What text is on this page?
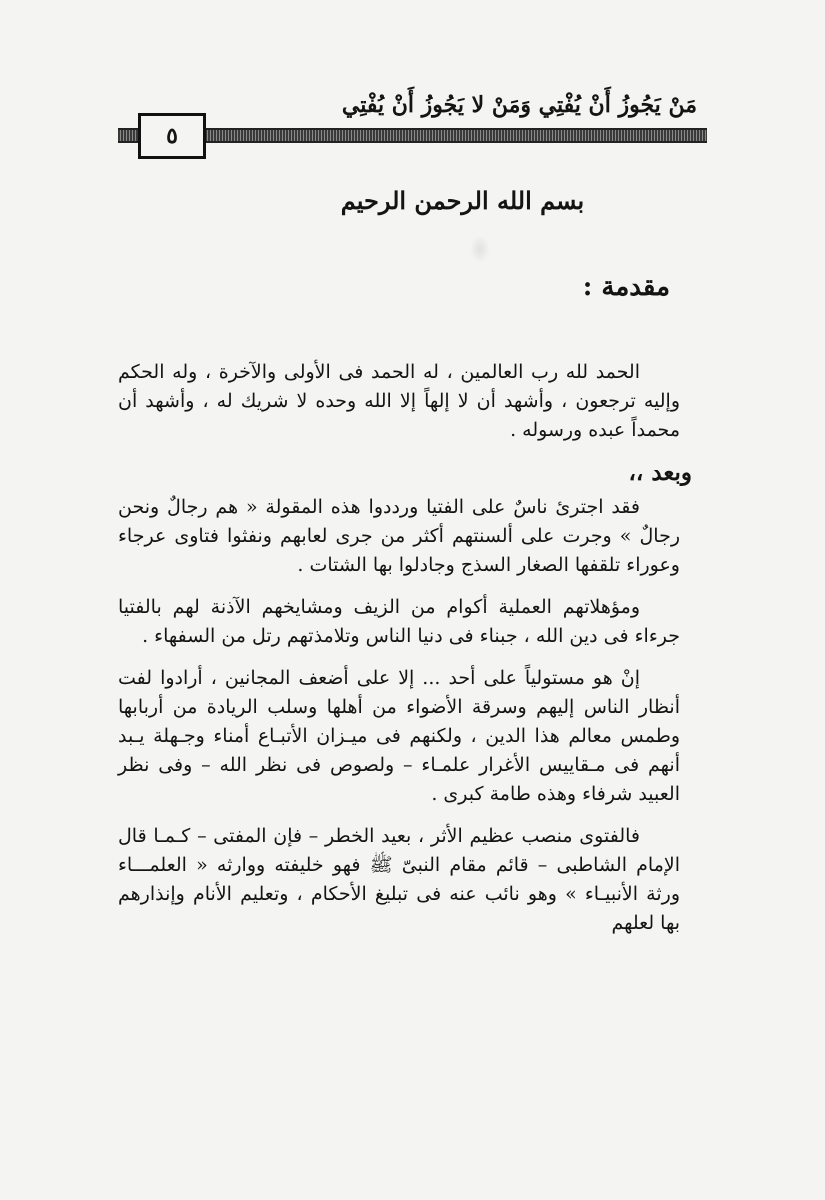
مَنْ يَجُوزُ أَنْ يُفْتِي وَمَنْ لا يَجُوزُ أَنْ يُفْتِي
٥
بسم الله الرحمن الرحيم
مقدمة :

الحمد لله رب العالمين ، له الحمد فى الأولى والآخرة ، وله الحكم وإليه ترجعون ، وأشهد أن لا إلهاً إلا الله وحده لا شريك له ، وأشهد أن محمداً عبده ورسوله .

وبعد ،،

فقد اجترئ ناسٌ على الفتيا ورددوا هذه المقولة « هم رجالٌ ونحن رجالٌ » وجرت على ألسنتهم أكثر من جرى لعابهم ونفثوا فتاوى عرجاء وعوراء تلقفها الصغار السذج وجادلوا بها الشتات .

ومؤهلاتهم العملية أكوام من الزيف ومشايخهم الآذنة لهم بالفتيا جرءاء فى دين الله ، جبناء فى دنيا الناس وتلامذتهم رتل من السفهاء .

إنْ هو مستولياً على أحد ... إلا على أضعف المجانين ، أرادوا لفت أنظار الناس إليهم وسرقة الأضواء من أهلها وسلب الريادة من أربابها وطمس معالم هذا الدين ، ولكنهم فى ميـزان الأتبـاع أمناء وجـهلة يـبد أنهم فى مـقاييس الأغرار علمـاء – ولصوص فى نظر الله – وفى نظر العبيد شرفاء وهذه طامة كبرى .

فالفتوى منصب عظيم الأثر ، بعيد الخطر – فإن المفتى – كـمـا قال الإمام الشاطبى – قائم مقام النبىّ ﷺ فهو خليفته ووارثه « العلمـــاء ورثة الأنبيـاء » وهو نائب عنه فى تبليغ الأحكام ، وتعليم الأنام وإنذارهم بها لعلهم
